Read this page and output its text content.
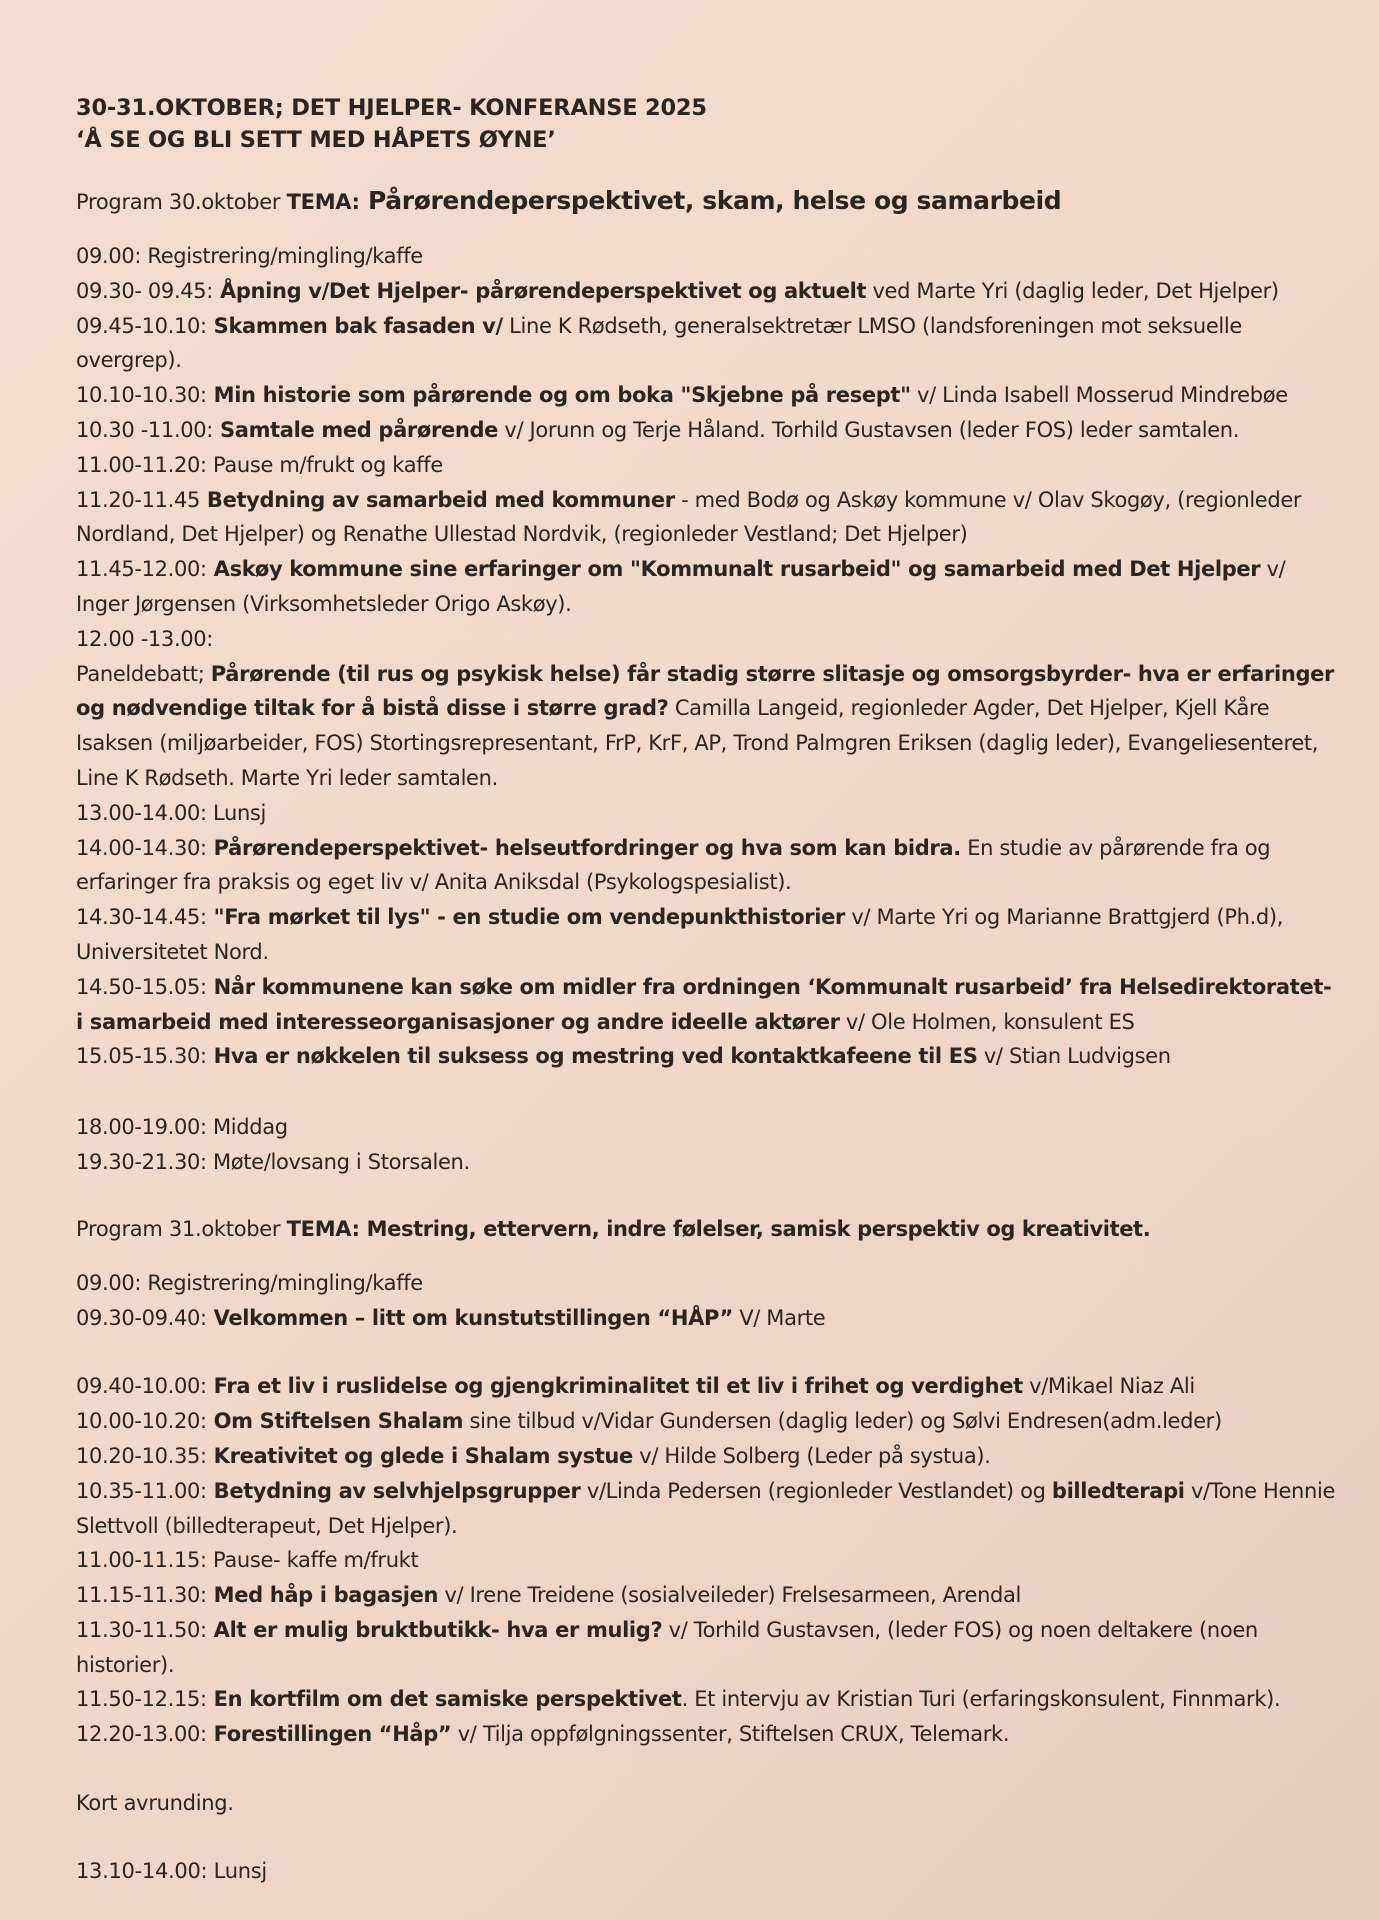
30-31.OKTOBER; DET HJELPER- KONFERANSE 2025
‘Å SE OG BLI SETT MED HÅPETS ØYNE’
Program 30.oktober TEMA: Pårørendeperspektivet, skam, helse og samarbeid
09.00: Registrering/mingling/kaffe
09.30- 09.45: Åpning v/Det Hjelper- pårørendeperspektivet og aktuelt ved Marte Yri (daglig leder, Det Hjelper)
09.45-10.10: Skammen bak fasaden v/ Line K Rødseth, generalsektretær LMSO (landsforeningen mot seksuelle overgrep).
10.10-10.30: Min historie som pårørende og om boka "Skjebne på resept" v/ Linda Isabell Mosserud Mindrebøe
10.30 -11.00: Samtale med pårørende v/ Jorunn og Terje Håland. Torhild Gustavsen (leder FOS) leder samtalen.
11.00-11.20: Pause m/frukt og kaffe
11.20-11.45 Betydning av samarbeid med kommuner - med Bodø og Askøy kommune v/ Olav Skogøy, (regionleder Nordland, Det Hjelper) og Renathe Ullestad Nordvik, (regionleder Vestland; Det Hjelper)
11.45-12.00: Askøy kommune sine erfaringer om "Kommunalt rusarbeid" og samarbeid med Det Hjelper v/ Inger Jørgensen (Virksomhetsleder Origo Askøy).
12.00 -13.00:
Paneldebatt; Pårørende (til rus og psykisk helse) får stadig større slitasje og omsorgsbyrder- hva er erfaringer og nødvendige tiltak for å bistå disse i større grad? Camilla Langeid, regionleder Agder, Det Hjelper, Kjell Kåre Isaksen (miljøarbeider, FOS) Stortingsrepresentant, FrP, KrF, AP, Trond Palmgren Eriksen (daglig leder), Evangeliesenteret, Line K Rødseth. Marte Yri leder samtalen.
13.00-14.00: Lunsj
14.00-14.30: Pårørendeperspektivet- helseutfordringer og hva som kan bidra. En studie av pårørende fra og erfaringer fra praksis og eget liv v/ Anita Aniksdal (Psykologspesialist).
14.30-14.45: "Fra mørket til lys" - en studie om vendepunkthistorier v/ Marte Yri og Marianne Brattgjerd (Ph.d), Universitetet Nord.
14.50-15.05: Når kommunene kan søke om midler fra ordningen ‘Kommunalt rusarbeid’ fra Helsedirektoratet- i samarbeid med interesseorganisasjoner og andre ideelle aktører v/ Ole Holmen, konsulent ES
15.05-15.30: Hva er nøkkelen til suksess og mestring ved kontaktkafeene til ES v/ Stian Ludvigsen
18.00-19.00: Middag
19.30-21.30: Møte/lovsang i Storsalen.
Program 31.oktober TEMA: Mestring, ettervern, indre følelser, samisk perspektiv og kreativitet.
09.00: Registrering/mingling/kaffe
09.30-09.40: Velkommen – litt om kunstutstillingen “HÅP” V/ Marte
09.40-10.00: Fra et liv i ruslidelse og gjengkriminalitet til et liv i frihet og verdighet v/Mikael Niaz Ali
10.00-10.20: Om Stiftelsen Shalam sine tilbud v/Vidar Gundersen (daglig leder) og Sølvi Endresen(adm.leder)
10.20-10.35: Kreativitet og glede i Shalam systue v/ Hilde Solberg (Leder på systua).
10.35-11.00: Betydning av selvhjelpsgrupper v/Linda Pedersen (regionleder Vestlandet) og billedterapi v/Tone Hennie Slettvoll (billedterapeut, Det Hjelper).
11.00-11.15: Pause- kaffe m/frukt
11.15-11.30: Med håp i bagasjen v/ Irene Treidene (sosialveileder) Frelsesarmeen, Arendal
11.30-11.50: Alt er mulig bruktbutikk- hva er mulig? v/ Torhild Gustavsen, (leder FOS) og noen deltakere (noen historier).
11.50-12.15: En kortfilm om det samiske perspektivet. Et intervju av Kristian Turi (erfaringskonsulent, Finnmark).
12.20-13.00: Forestillingen “Håp” v/ Tilja oppfølgningssenter, Stiftelsen CRUX, Telemark.
Kort avrunding.
13.10-14.00: Lunsj
